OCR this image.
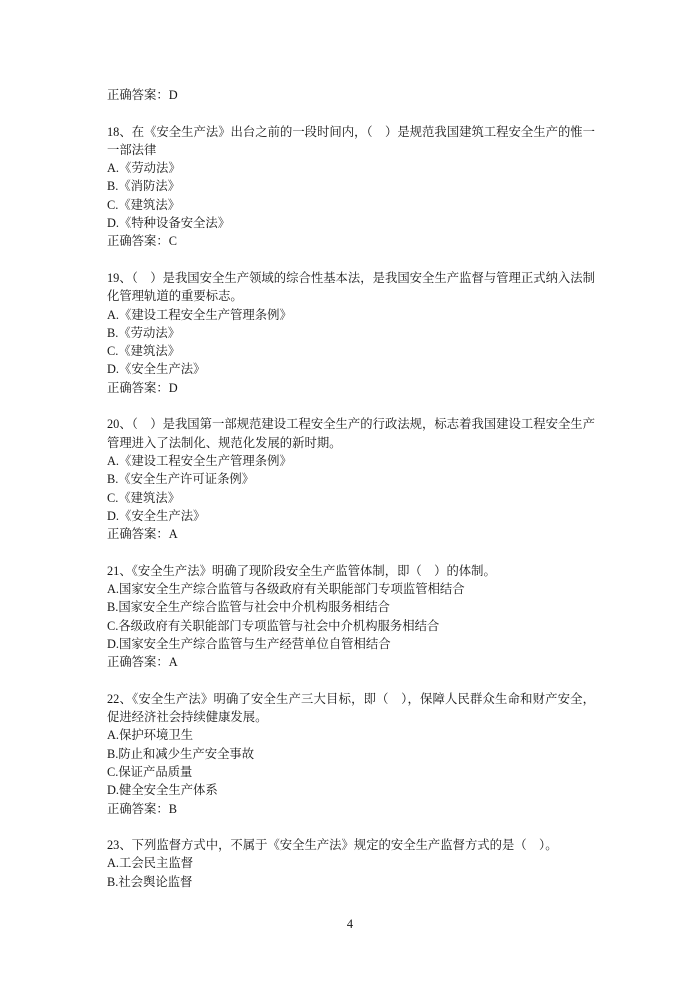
正确答案：D
18、在《安全生产法》出台之前的一段时间内，（　）是规范我国建筑工程安全生产的惟一一部法律
A.《劳动法》
B.《消防法》
C.《建筑法》
D.《特种设备安全法》
正确答案：C
19、（　）是我国安全生产领域的综合性基本法，是我国安全生产监督与管理正式纳入法制化管理轨道的重要标志。
A.《建设工程安全生产管理条例》
B.《劳动法》
C.《建筑法》
D.《安全生产法》
正确答案：D
20、（　）是我国第一部规范建设工程安全生产的行政法规，标志着我国建设工程安全生产管理进入了法制化、规范化发展的新时期。
A.《建设工程安全生产管理条例》
B.《安全生产许可证条例》
C.《建筑法》
D.《安全生产法》
正确答案：A
21、《安全生产法》明确了现阶段安全生产监管体制，即（　）的体制。
A.国家安全生产综合监管与各级政府有关职能部门专项监管相结合
B.国家安全生产综合监管与社会中介机构服务相结合
C.各级政府有关职能部门专项监管与社会中介机构服务相结合
D.国家安全生产综合监管与生产经营单位自管相结合
正确答案：A
22、《安全生产法》明确了安全生产三大目标，即（　），保障人民群众生命和财产安全，促进经济社会持续健康发展。
A.保护环境卫生
B.防止和减少生产安全事故
C.保证产品质量
D.健全安全生产体系
正确答案：B
23、下列监督方式中，不属于《安全生产法》规定的安全生产监督方式的是（　）。
A.工会民主监督
B.社会舆论监督
4
